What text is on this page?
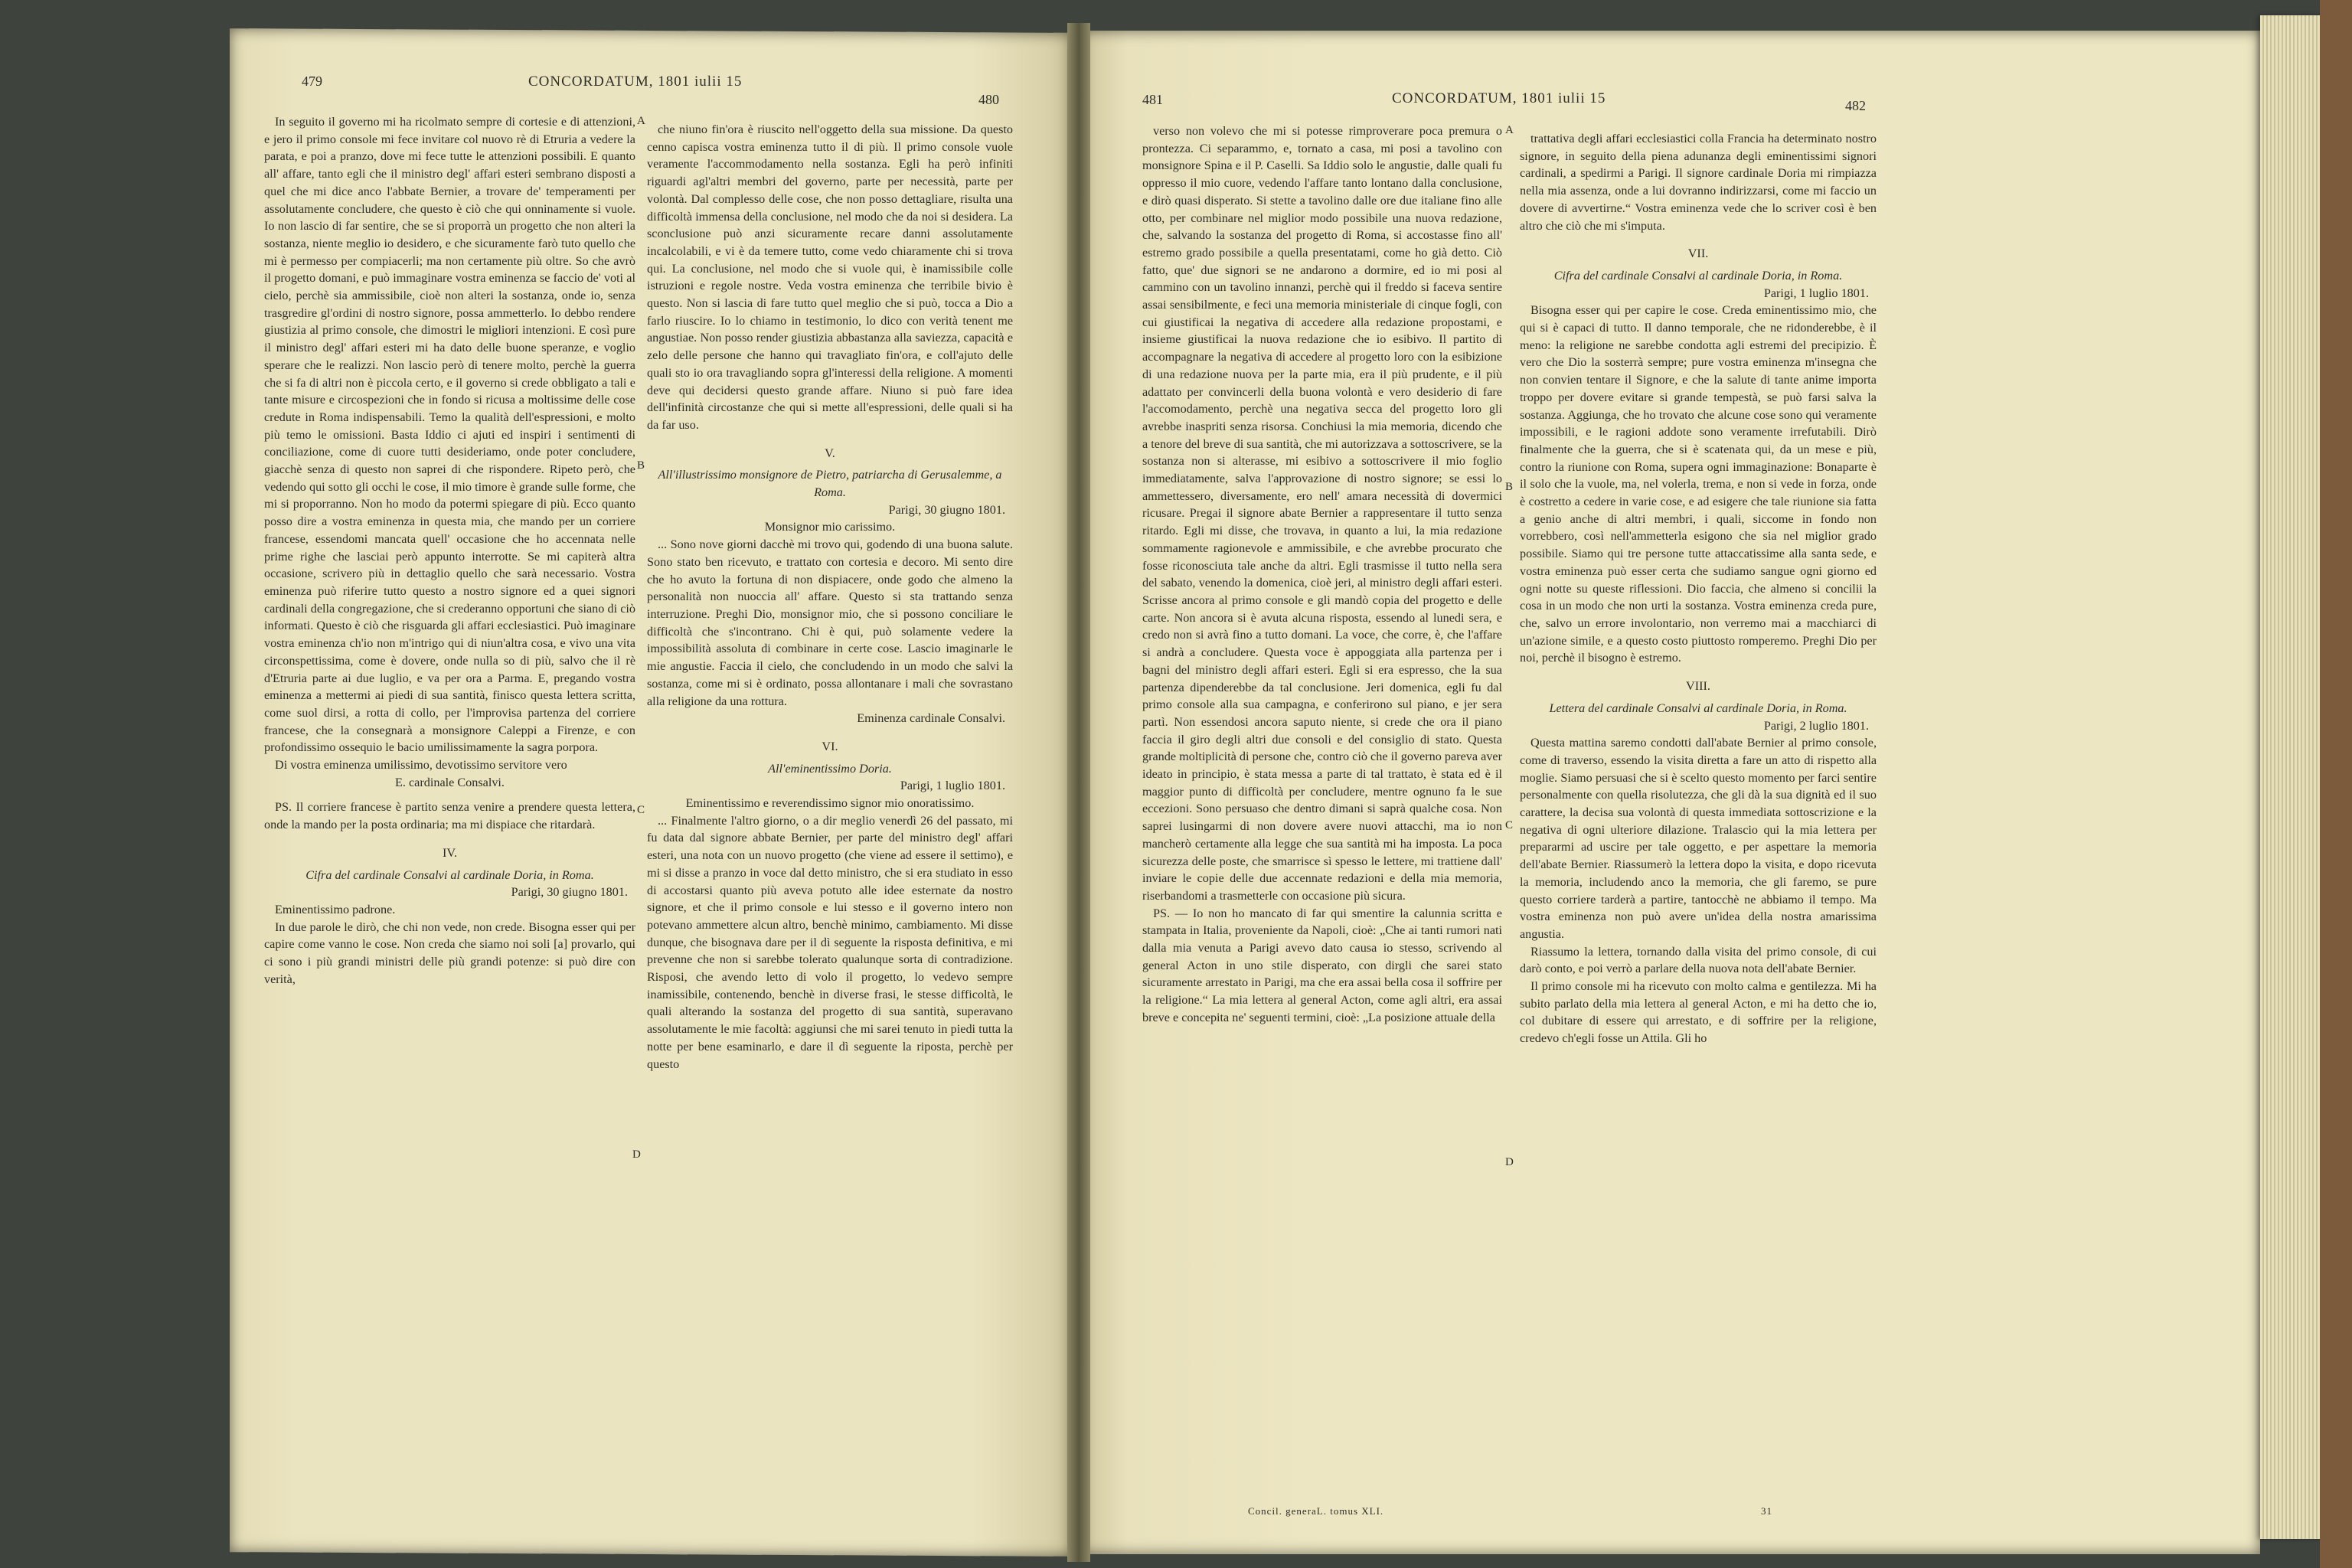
479	CONCORDATUM, 1801 iulii 15
480	481	CONCORDATUM, 1801 iulii 15	482

In seguito il governo mi ha ricolmato sempre di cortesie e di attenzioni, e jero il primo console mi fece invitare col nuovo rè di Etruria a vedere la parata, e poi a pranzo, dove mi fece tutte le attenzioni possibili. E quanto all' affare, tanto egli che il ministro degl' affari esteri sembrano disposti a quel che mi dice anco l'abbate Bernier, a trovare de' temperamenti per assolutamente concludere, che questo è ciò che qui onninamente si vuole. Io non lascio di far sentire, che se si proporrà un progetto che non alteri la sostanza, niente meglio io desidero, e che sicuramente farò tuto quello che mi è permesso per compiacerli; ma non certamente più oltre. So che avrò il progetto domani, e può immaginare vostra eminenza se faccio de' voti al cielo, perchè sia ammissibile, cioè non alteri la sostanza, onde io, senza trasgredire gl'ordini di nostro signore, possa ammetterlo. Io debbo rendere giustizia al primo console, che dimostri le migliori intenzioni. E così pure il ministro degl' affari esteri mi ha dato delle buone speranze, e voglio sperare che le realizzi. Non lascio però di tenere molto, perchè la guerra che si fa di altri non è piccola certo, e il governo si crede obbligato a tali e tante misure e circospezioni che in fondo si ricusa a moltissime delle cose credute in Roma indispensabili. Temo la qualità dell'espressioni, e molto più temo le omissioni. Basta Iddio ci ajuti ed inspiri i sentimenti di conciliazione, come di cuore tutti desideriamo, onde poter concludere, giacchè senza di questo non saprei di che rispondere. Ripeto però, che vedendo qui sotto gli occhi le cose, il mio timore è grande sulle forme, che mi si proporranno. Non ho modo da potermi spiegare di più. Ecco quanto posso dire a vostra eminenza in questa mia, che mando per un corriere francese, essendomi mancata quell' occasione che ho accennata nelle prime righe che lasciai però appunto interrotte. Se mi capiterà altra occasione, scrivero più in dettaglio quello che sarà necessario. Vostra eminenza può riferire tutto questo a nostro signore ed a quei signori cardinali della congregazione, che si crederanno opportuni che siano di ciò informati. Questo è ciò che risguarda gli affari ecclesiastici. Può imaginare vostra eminenza ch'io non m'intrigo qui di niun'altra cosa, e vivo una vita circonspettissima, come è dovere, onde nulla so di più, salvo che il rè d'Etruria parte ai due luglio, e va per ora a Parma. E, pregando vostra eminenza a mettermi ai piedi di sua santità, finisco questa lettera scritta, come suol dirsi, a rotta di collo, per l'improvisa partenza del corriere francese, che la consegnarà a monsignore Caleppi a Firenze, e con profondissimo ossequio le bacio umilissimamente la sagra porpora.

Di vostra eminenza umilissimo, devotissimo servitore vero

E. cardinale Consalvi.

PS. Il corriere francese è partito senza venire a prendere questa lettera, onde la mando per la posta ordinaria; ma mi dispiace che ritardarà.

IV.

Cifra del cardinale Consalvi al cardinale Doria, in Roma.

Parigi, 30 giugno 1801.

Eminentissimo padrone.

In due parole le dirò, che chi non vede, non crede. Bisogna esser qui per capire come vanno le cose. Non creda che siamo noi soli [a] provarlo, qui ci sono i più grandi ministri delle più grandi potenze: si può dire con verità,

che niuno fin'ora è riuscito nell'oggetto della sua missione. Da questo cenno capisca vostra eminenza tutto il di più. Il primo console vuole veramente l'accommodamento nella sostanza. Egli ha però infiniti riguardi agl'altri membri del governo, parte per necessità, parte per volontà. Dal complesso delle cose, che non posso dettagliare, risulta una difficoltà immensa della conclusione, nel modo che da noi si desidera. La sconclusione può anzi sicuramente recare danni assolutamente incalcolabili, e vi è da temere tutto, come vedo chiaramente chi si trova qui. La conclusione, nel modo che si vuole qui, è inamissibile colle istruzioni e regole nostre. Veda vostra eminenza che terribile bivio è questo. Non si lascia di fare tutto quel meglio che si può, tocca a Dio a farlo riuscire. Io lo chiamo in testimonio, lo dico con verità tenent me angustiae. Non posso render giustizia abbastanza alla saviezza, capacità e zelo delle persone che hanno qui travagliato fin'ora, e coll'ajuto delle quali sto io ora travagliando sopra gl'interessi della religione. A momenti deve qui decidersi questo grande affare. Niuno si può fare idea dell'infinità circostanze che qui si mette all'espressioni, delle quali si ha da far uso.

V.

All'illustrissimo monsignore de Pietro, patriarcha di Gerusalemme, a Roma.

Parigi, 30 giugno 1801.

Monsignor mio carissimo.

... Sono nove giorni dacchè mi trovo qui, godendo di una buona salute. Sono stato ben ricevuto, e trattato con cortesia e decoro. Mi sento dire che ho avuto la fortuna di non dispiacere, onde godo che almeno la personalità non nuoccia all' affare. Questo si sta trattando senza interruzione. Preghi Dio, monsignor mio, che si possono conciliare le difficoltà che s'incontrano. Chi è qui, può solamente vedere la impossibilità assoluta di combinare in certe cose. Lascio imaginarle le mie angustie. Faccia il cielo, che concludendo in un modo che salvi la sostanza, come mi si è ordinato, possa allontanare i mali che sovrastano alla religione da una rottura.

Eminenza cardinale Consalvi.

VI.

All'eminentissimo Doria.

Parigi, 1 luglio 1801.

Eminentissimo e reverendissimo signor mio onoratissimo.

... Finalmente l'altro giorno, o a dir meglio venerdì 26 del passato, mi fu data dal signore abbate Bernier, per parte del ministro degl' affari esteri, una nota con un nuovo progetto (che viene ad essere il settimo), e mi si disse a pranzo in voce dal detto ministro, che si era studiato in esso di accostarsi quanto più aveva potuto alle idee esternate da nostro signore, et che il primo console e lui stesso e il governo intero non potevano ammettere alcun altro, benchè minimo, cambiamento. Mi disse dunque, che bisognava dare per il dì seguente la risposta definitiva, e mi prevenne che non si sarebbe tolerato qualunque sorta di contradizione. Risposi, che avendo letto di volo il progetto, lo vedevo sempre inamissibile, contenendo, benchè in diverse frasi, le stesse difficoltà, le quali alterando la sostanza del progetto di sua santità, superavano assolutamente le mie facoltà: aggiunsi che mi sarei tenuto in piedi tutta la notte per bene esaminarlo, e dare il dì seguente la riposta, perchè per questo

verso non volevo che mi si potesse rimproverare poca premura o prontezza. Ci separammo, e, tornato a casa, mi posi a tavolino con monsignore Spina e il P. Caselli. Sa Iddio solo le angustie, dalle quali fu oppresso il mio cuore, vedendo l'affare tanto lontano dalla conclusione, e dirò quasi disperato. Si stette a tavolino dalle ore due italiane fino alle otto, per combinare nel miglior modo possibile una nuova redazione, che, salvando la sostanza del progetto di Roma, si accostasse fino all' estremo grado possibile a quella presentatami, come ho già detto. Ciò fatto, que' due signori se ne andarono a dormire, ed io mi posi al cammino con un tavolino innanzi, perchè qui il freddo si faceva sentire assai sensibilmente, e feci una memoria ministeriale di cinque fogli, con cui giustificai la negativa di accedere alla redazione propostami, e insieme giustificai la nuova redazione che io esibivo. Il partito di accompagnare la negativa di accedere al progetto loro con la esibizione di una redazione nuova per la parte mia, era il più prudente, e il più adattato per convincerli della buona volontà e vero desiderio di fare l'accomodamento, perchè una negativa secca del progetto loro gli avrebbe inaspriti senza risorsa. Conchiusi la mia memoria, dicendo che a tenore del breve di sua santità, che mi autorizzava a sottoscrivere, se la sostanza non si alterasse, mi esibivo a sottoscrivere il mio foglio immediatamente, salva l'approvazione di nostro signore; se essi lo ammettessero, diversamente, ero nell' amara necessità di dovermici ricusare. Pregai il signore abate Bernier a rappresentare il tutto senza ritardo. Egli mi disse, che trovava, in quanto a lui, la mia redazione sommamente ragionevole e ammissibile, e che avrebbe procurato che fosse riconosciuta tale anche da altri. Egli trasmisse il tutto nella sera del sabato, venendo la domenica, cioè jeri, al ministro degli affari esteri. Scrisse ancora al primo console e gli mandò copia del progetto e delle carte. Non ancora si è avuta alcuna risposta, essendo al lunedi sera, e credo non si avrà fino a tutto domani. La voce, che corre, è, che l'affare si andrà a concludere. Questa voce è appoggiata alla partenza per i bagni del ministro degli affari esteri. Egli si era espresso, che la sua partenza dipenderebbe da tal conclusione. Jeri domenica, egli fu dal primo console alla sua campagna, e conferirono sul piano, e jer sera partì. Non essendosi ancora saputo niente, si crede che ora il piano faccia il giro degli altri due consoli e del consiglio di stato. Questa grande moltiplicità di persone che, contro ciò che il governo pareva aver ideato in principio, è stata messa a parte di tal trattato, è stata ed è il maggior punto di difficoltà per concludere, mentre ognuno fa le sue eccezioni. Sono persuaso che dentro dimani si saprà qualche cosa. Non saprei lusingarmi di non dovere avere nuovi attacchi, ma io non mancherò certamente alla legge che sua santità mi ha imposta. La poca sicurezza delle poste, che smarrisce sì spesso le lettere, mi trattiene dall' inviare le copie delle due accennate redazioni e della mia memoria, riserbandomi a trasmetterle con occasione più sicura.

PS. — Io non ho mancato di far qui smentire la calunnia scritta e stampata in Italia, proveniente da Napoli, cioè: „Che ai tanti rumori nati dalla mia venuta a Parigi avevo dato causa io stesso, scrivendo al general Acton in uno stile disperato, con dirgli che sarei stato sicuramente arrestato in Parigi, ma che era assai bella cosa il soffrire per la religione.“ La mia lettera al general Acton, come agli altri, era assai breve e concepita ne' seguenti termini, cioè: „La posizione attuale della

Concil. generaL. tomus XLI.

trattativa degli affari ecclesiastici colla Francia ha determinato nostro signore, in seguito della piena adunanza degli eminentissimi signori cardinali, a spedirmi a Parigi. Il signore cardinale Doria mi rimpiazza nella mia assenza, onde a lui dovranno indirizzarsi, come mi faccio un dovere di avvertirne.“ Vostra eminenza vede che lo scriver così è ben altro che ciò che mi s'imputa.

VII.

Cifra del cardinale Consalvi al cardinale Doria, in Roma.

Parigi, 1 luglio 1801.

Bisogna esser qui per capire le cose. Creda eminentissimo mio, che qui si è capaci di tutto. Il danno temporale, che ne ridonderebbe, è il meno: la religione ne sarebbe condotta agli estremi del precipizio. È vero che Dio la sosterrà sempre; pure vostra eminenza m'insegna che non convien tentare il Signore, e che la salute di tante anime importa troppo per dovere evitare si grande tempestà, se può farsi salva la sostanza. Aggiunga, che ho trovato che alcune cose sono qui veramente impossibili, e le ragioni addote sono veramente irrefutabili. Dirò finalmente che la guerra, che si è scatenata qui, da un mese e più, contro la riunione con Roma, supera ogni immaginazione: Bonaparte è il solo che la vuole, ma, nel volerla, trema, e non si vede in forza, onde è costretto a cedere in varie cose, e ad esigere che tale riunione sia fatta a genio anche di altri membri, i quali, siccome in fondo non vorrebbero, così nell'ammetterla esigono che sia nel miglior grado possibile. Siamo qui tre persone tutte attaccatissime alla santa sede, e vostra eminenza può esser certa che sudiamo sangue ogni giorno ed ogni notte su queste riflessioni. Dio faccia, che almeno si concilii la cosa in un modo che non urti la sostanza. Vostra eminenza creda pure, che, salvo un errore involontario, non verremo mai a macchiarci di un'azione simile, e a questo costo piuttosto romperemo. Preghi Dio per noi, perchè il bisogno è estremo.

VIII.

Lettera del cardinale Consalvi al cardinale Doria, in Roma.

Parigi, 2 luglio 1801.

Questa mattina saremo condotti dall'abate Bernier al primo console, come di traverso, essendo la visita diretta a fare un atto di rispetto alla moglie. Siamo persuasi che si è scelto questo momento per farci sentire personalmente con quella risolutezza, che gli dà la sua dignità ed il suo carattere, la decisa sua volontà di questa immediata sottoscrizione e la negativa di ogni ulteriore dilazione. Tralascio qui la mia lettera per prepararmi ad uscire per tale oggetto, e per aspettare la memoria dell'abate Bernier. Riassumerò la lettera dopo la visita, e dopo ricevuta la memoria, includendo anco la memoria, che gli faremo, se pure questo corriere tarderà a partire, tantocchè ne abbiamo il tempo. Ma vostra eminenza non può avere un'idea della nostra amarissima angustia.

Riassumo la lettera, tornando dalla visita del primo console, di cui darò conto, e poi verrò a parlare della nuova nota dell'abate Bernier.

Il primo console mi ha ricevuto con molto calma e gentilezza. Mi ha subito parlato della mia lettera al general Acton, e mi ha detto che io, col dubitare di essere qui arrestato, e di soffrire per la religione, credevo ch'egli fosse un Attila. Gli ho

31
A
B
C
D
A
B
C
D
